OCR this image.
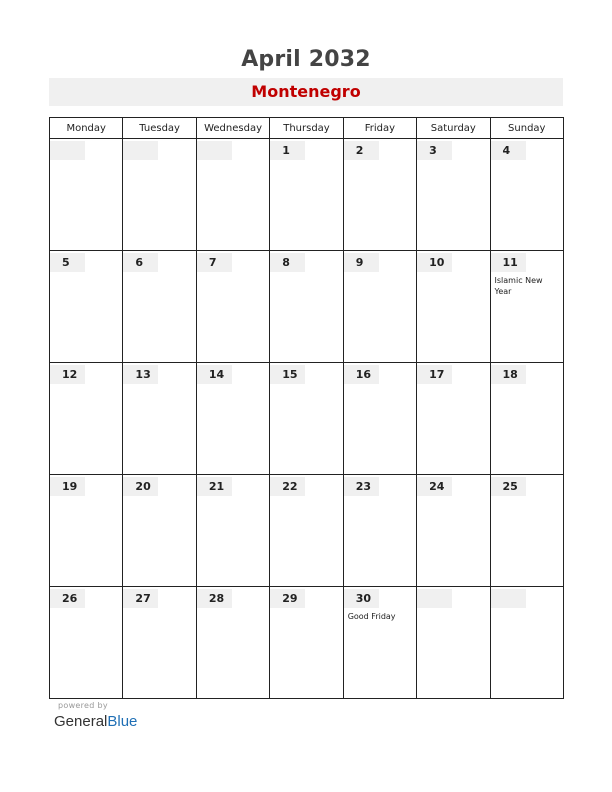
April 2032
Montenegro
Monday	Tuesday	Wednesday	Thursday	Friday	Saturday	Sunday

			1	2	3	4

5	6	7	8	9	10	11
Islamic New Year

12	13	14	15	16	17	18

19	20	21	22	23	24	25

26	27	28	29	30
Good Friday		

powered by
GeneralBlue
